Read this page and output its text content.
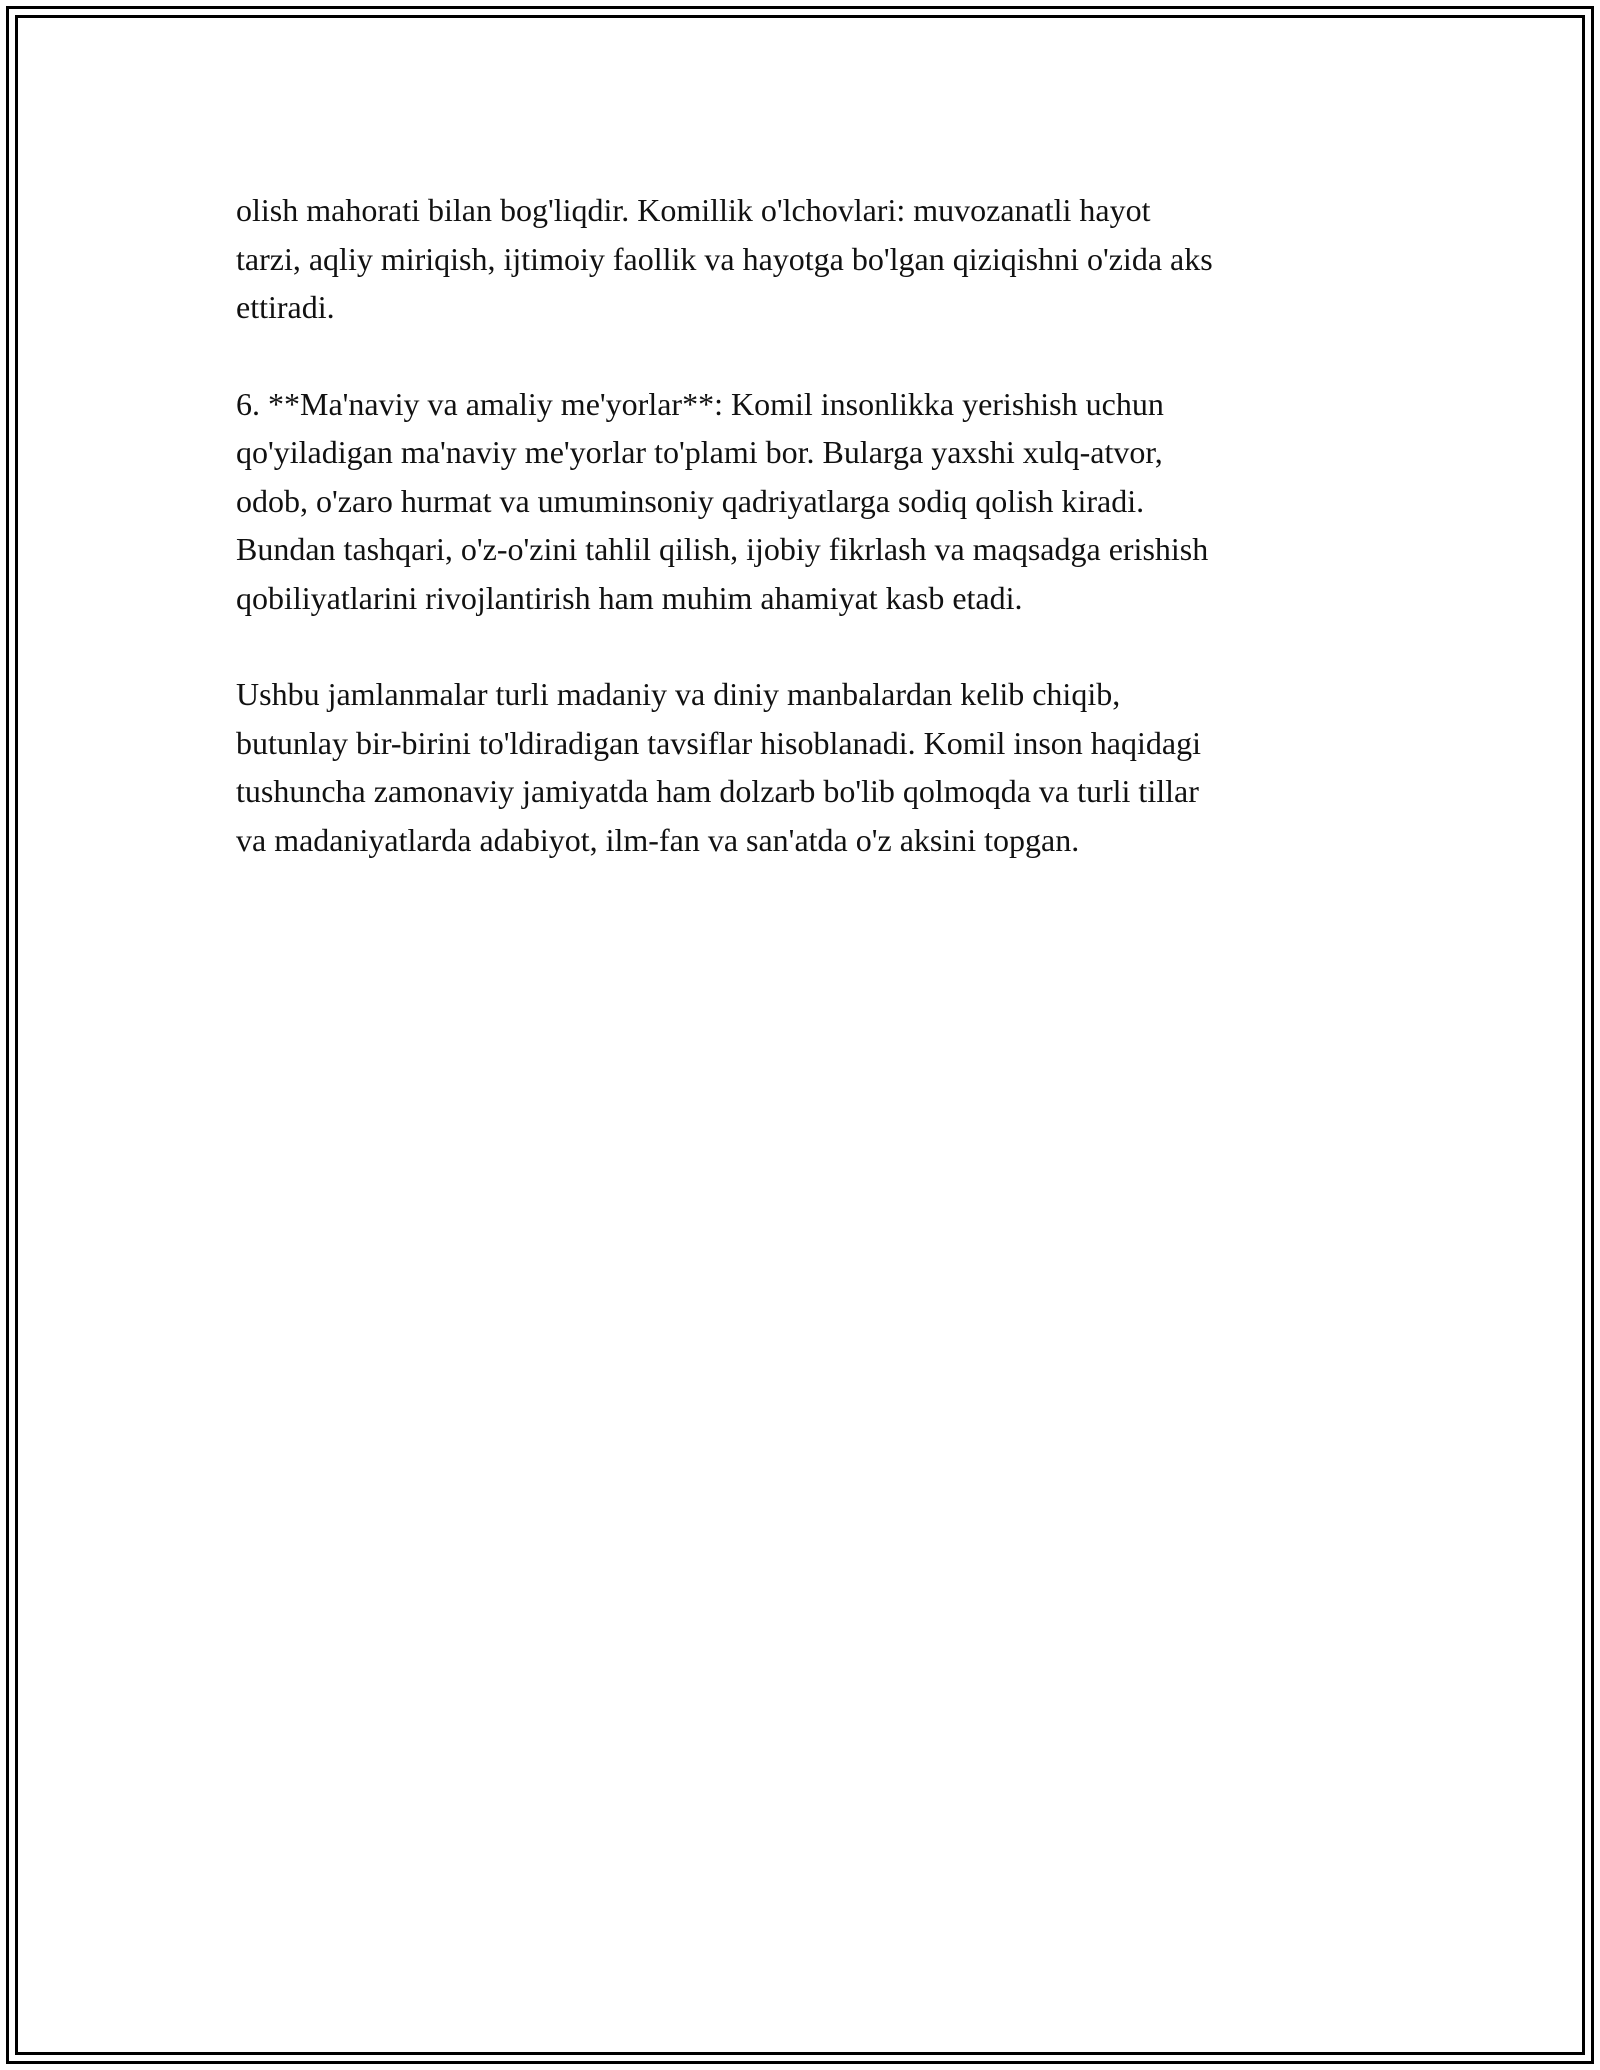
olish mahorati bilan bog'liqdir. Komillik o'lchovlari: muvozanatli hayot
tarzi, aqliy miriqish, ijtimoiy faollik va hayotga bo'lgan qiziqishni o'zida aks
ettiradi.

6. **Ma'naviy va amaliy me'yorlar**: Komil insonlikka yerishish uchun
qo'yiladigan ma'naviy me'yorlar to'plami bor. Bularga yaxshi xulq-atvor,
odob, o'zaro hurmat va umuminsoniy qadriyatlarga sodiq qolish kiradi.
Bundan tashqari, o'z-o'zini tahlil qilish, ijobiy fikrlash va maqsadga erishish
qobiliyatlarini rivojlantirish ham muhim ahamiyat kasb etadi.

Ushbu jamlanmalar turli madaniy va diniy manbalardan kelib chiqib,
butunlay bir-birini to'ldiradigan tavsiflar hisoblanadi. Komil inson haqidagi
tushuncha zamonaviy jamiyatda ham dolzarb bo'lib qolmoqda va turli tillar
va madaniyatlarda adabiyot, ilm-fan va san'atda o'z aksini topgan.
